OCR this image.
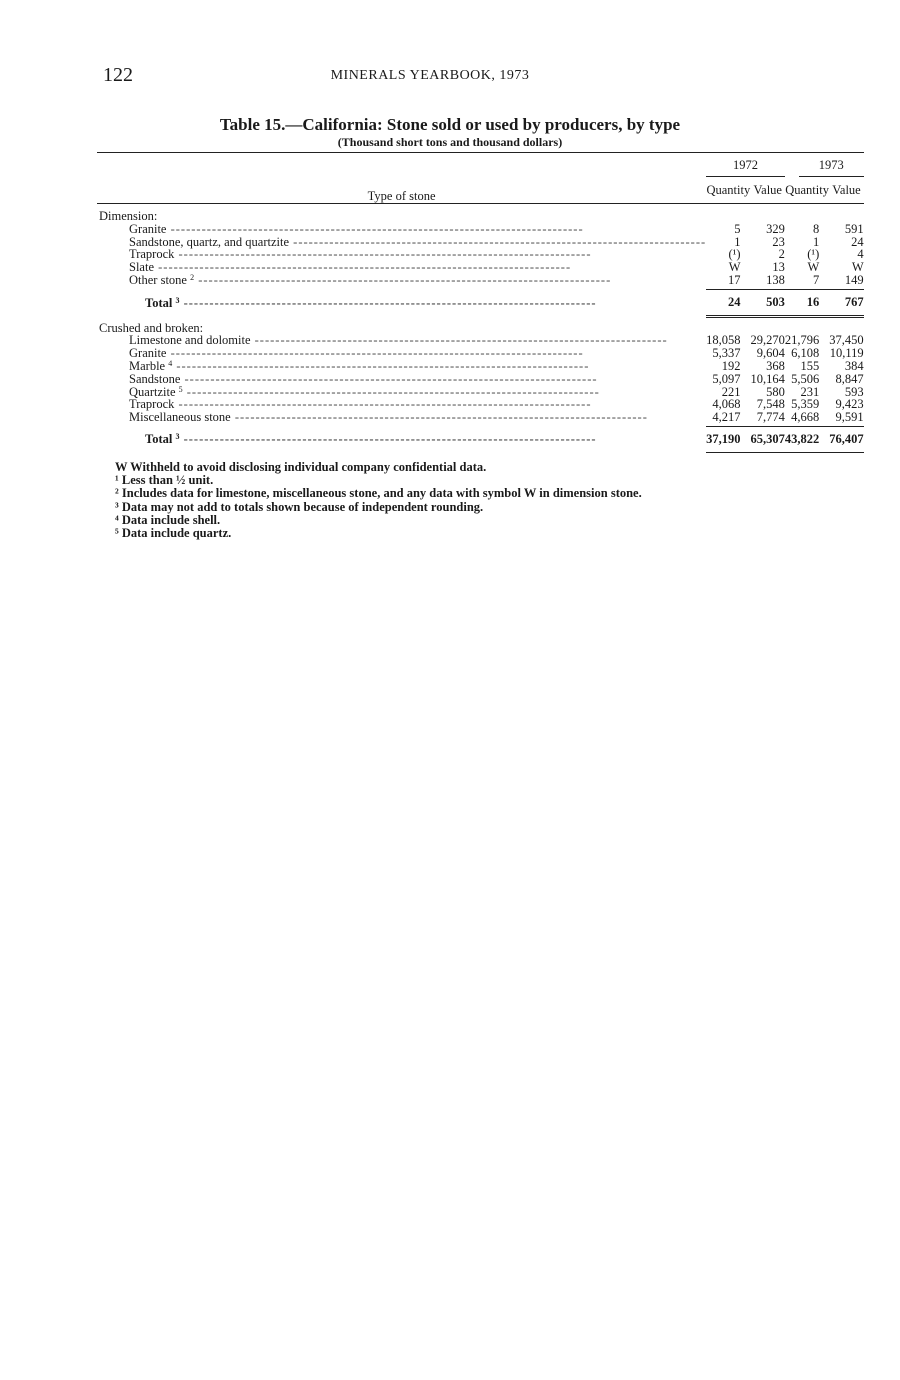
122	MINERALS YEARBOOK, 1973
Table 15.—California: Stone sold or used by producers, by type
(Thousand short tons and thousand dollars)
Type of stone	1972		1973	
	Quantity	Value	Quantity	Value

Dimension:				
Granite --------------------------------------------------------------------------------	5	329	8	591
Sandstone, quartz, and quartzite --------------------------------------------------------------------------------	1	23	1	24
Traprock --------------------------------------------------------------------------------	(¹)	2	(¹)	4
Slate --------------------------------------------------------------------------------	W	13	W	W
Other stone $^2$ --------------------------------------------------------------------------------	17	138	7	149

Total $^3$ --------------------------------------------------------------------------------	24	503	16	767

Crushed and broken:				
Limestone and dolomite --------------------------------------------------------------------------------	18,058	29,270	21,796	37,450
Granite --------------------------------------------------------------------------------	5,337	9,604	6,108	10,119
Marble $^4$ --------------------------------------------------------------------------------	192	368	155	384
Sandstone --------------------------------------------------------------------------------	5,097	10,164	5,506	8,847
Quartzite $^5$ --------------------------------------------------------------------------------	221	580	231	593
Traprock --------------------------------------------------------------------------------	4,068	7,548	5,359	9,423
Miscellaneous stone --------------------------------------------------------------------------------	4,217	7,774	4,668	9,591

Total $^3$ --------------------------------------------------------------------------------	37,190	65,307	43,822	76,407
W Withheld to avoid disclosing individual company confidential data.
¹ Less than ½ unit.
² Includes data for limestone, miscellaneous stone, and any data with symbol W in dimension stone.
³ Data may not add to totals shown because of independent rounding.
⁴ Data include shell.
⁵ Data include quartz.
